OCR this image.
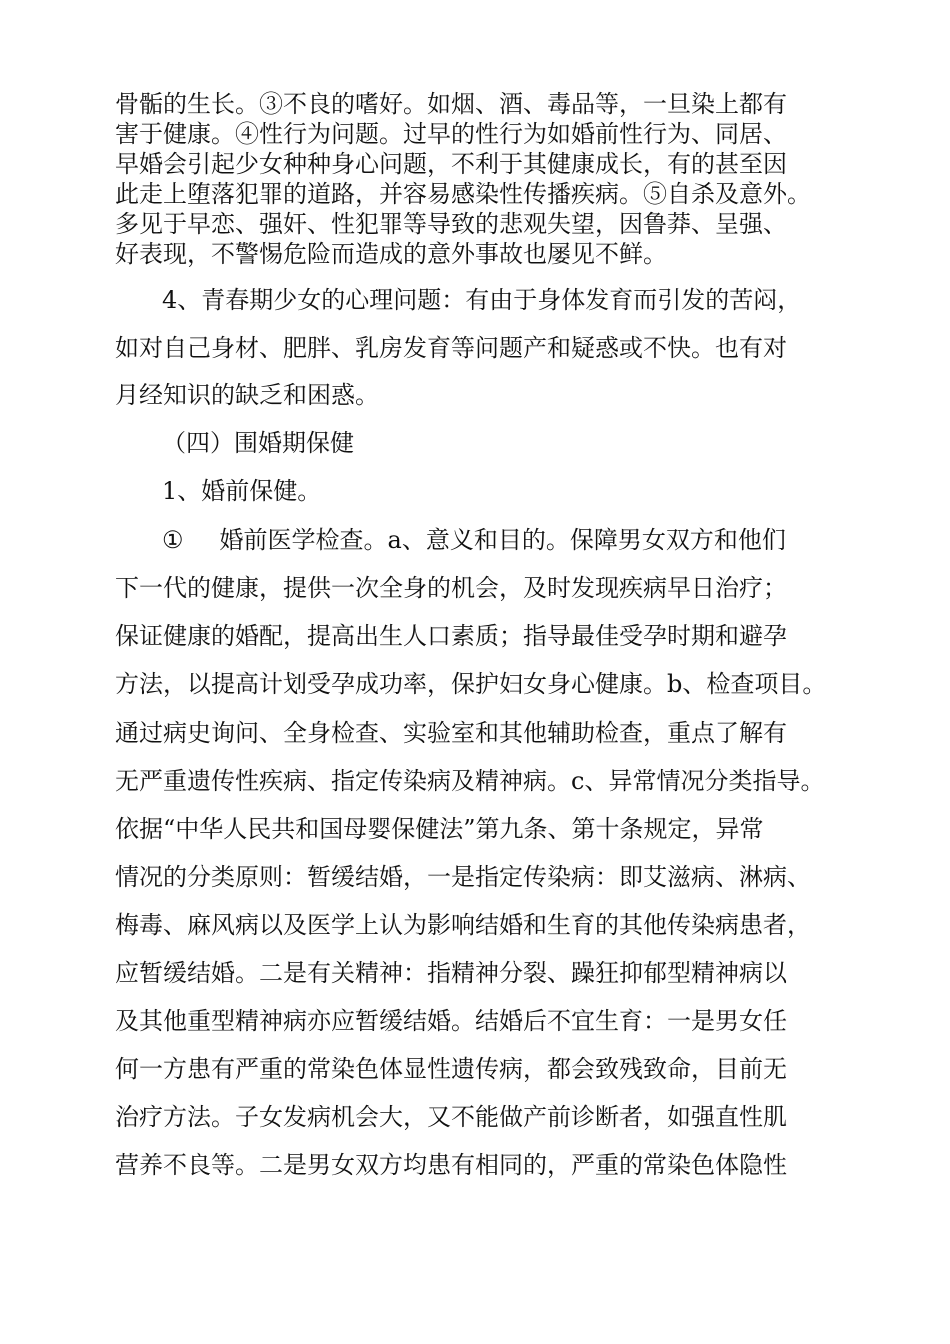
骨骺的生长。③不良的嗜好。如烟、酒、毒品等，一旦染上都有
害于健康。④性行为问题。过早的性行为如婚前性行为、同居、
早婚会引起少女种种身心问题，不利于其健康成长，有的甚至因
此走上堕落犯罪的道路，并容易感染性传播疾病。⑤自杀及意外。
多见于早恋、强奸、性犯罪等导致的悲观失望，因鲁莽、呈强、
好表现，不警惕危险而造成的意外事故也屡见不鲜。
4、青春期少女的心理问题：有由于身体发育而引发的苦闷，
如对自己身材、肥胖、乳房发育等问题产和疑惑或不快。也有对
月经知识的缺乏和困惑。
（四）围婚期保健
1、婚前保健。
① 婚前医学检查。a、意义和目的。保障男女双方和他们
下一代的健康，提供一次全身的机会，及时发现疾病早日治疗；
保证健康的婚配，提高出生人口素质；指导最佳受孕时期和避孕
方法，以提高计划受孕成功率，保护妇女身心健康。b、检查项目。
通过病史询问、全身检查、实验室和其他辅助检查，重点了解有
无严重遗传性疾病、指定传染病及精神病。c、异常情况分类指导。
依据“中华人民共和国母婴保健法”第九条、第十条规定，异常
情况的分类原则：暂缓结婚，一是指定传染病：即艾滋病、淋病、
梅毒、麻风病以及医学上认为影响结婚和生育的其他传染病患者，
应暂缓结婚。二是有关精神：指精神分裂、躁狂抑郁型精神病以
及其他重型精神病亦应暂缓结婚。结婚后不宜生育：一是男女任
何一方患有严重的常染色体显性遗传病，都会致残致命，目前无
治疗方法。子女发病机会大，又不能做产前诊断者，如强直性肌
营养不良等。二是男女双方均患有相同的，严重的常染色体隐性
